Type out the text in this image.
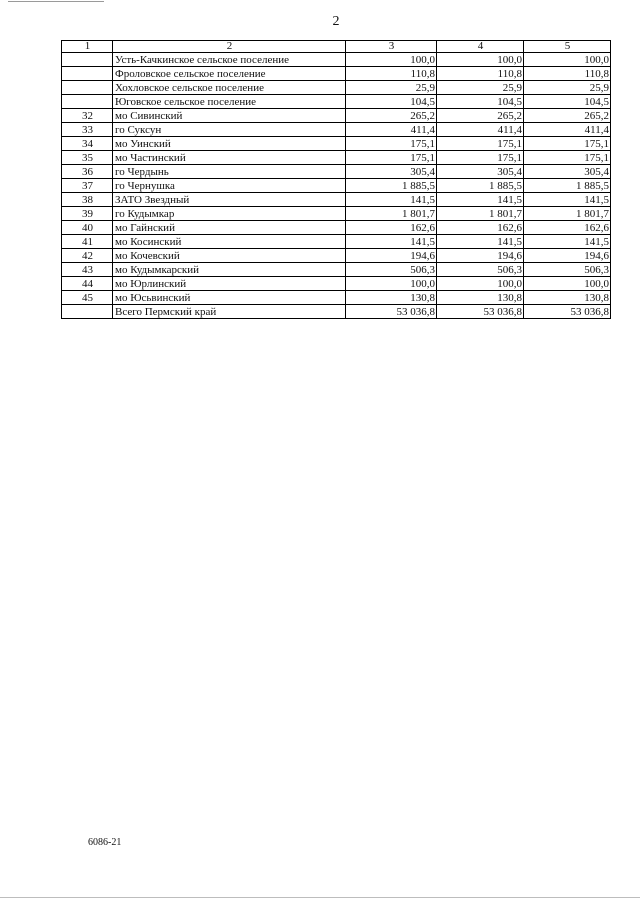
2
1	2	3	4	5
	Усть-Качкинское сельское поселение	100,0	100,0	100,0
	Фроловское сельское поселение	110,8	110,8	110,8
	Хохловское сельское поселение	25,9	25,9	25,9
	Юговское сельское поселение	104,5	104,5	104,5
32	мо Сивинский	265,2	265,2	265,2
33	го Суксун	411,4	411,4	411,4
34	мо Уинский	175,1	175,1	175,1
35	мо Частинский	175,1	175,1	175,1
36	го Чердынь	305,4	305,4	305,4
37	го Чернушка	1 885,5	1 885,5	1 885,5
38	ЗАТО Звездный	141,5	141,5	141,5
39	го Кудымкар	1 801,7	1 801,7	1 801,7
40	мо Гайнский	162,6	162,6	162,6
41	мо Косинский	141,5	141,5	141,5
42	мо Кочевский	194,6	194,6	194,6
43	мо Кудымкарский	506,3	506,3	506,3
44	мо Юрлинский	100,0	100,0	100,0
45	мо Юсьвинский	130,8	130,8	130,8
	Всего Пермский край	53 036,8	53 036,8	53 036,8
6086-21
